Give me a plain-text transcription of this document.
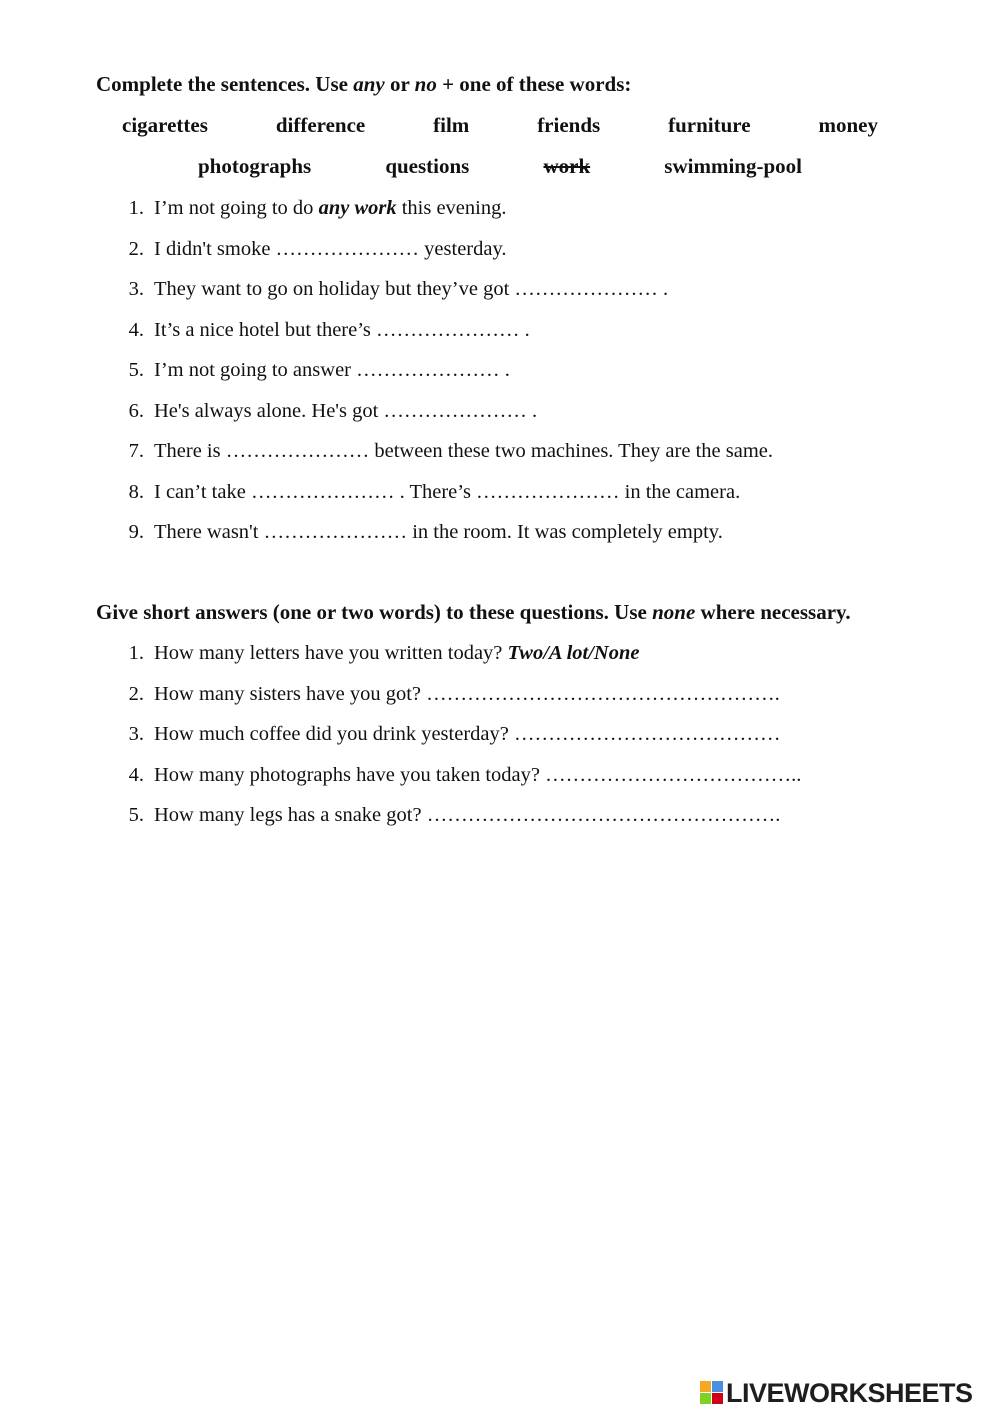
Complete the sentences. Use any or no + one of these words:

cigarettes	difference	film	friends	furniture	money
photographs	questions	work	swimming-pool
1. I’m not going to do any work this evening.
2. I didn't smoke ………………… yesterday.
3. They want to go on holiday but they’ve got ………………… .
4. It’s a nice hotel but there’s ………………… .
5. I’m not going to answer ………………… .
6. He's always alone. He's got ………………… .
7. There is ………………… between these two machines. They are the same.
8. I can’t take ………………… . There’s ………………… in the camera.
9. There wasn't ………………… in the room. It was completely empty.

Give short answers (one or two words) to these questions. Use none where necessary.

1. How many letters have you written today? Two/A lot/None
2. How many sisters have you got? …………………………………………….
3. How much coffee did you drink yesterday? …………………………………
4. How many photographs have you taken today? ………………………………..
5. How many legs has a snake got? …………………………………………….
LIVEWORKSHEETS
